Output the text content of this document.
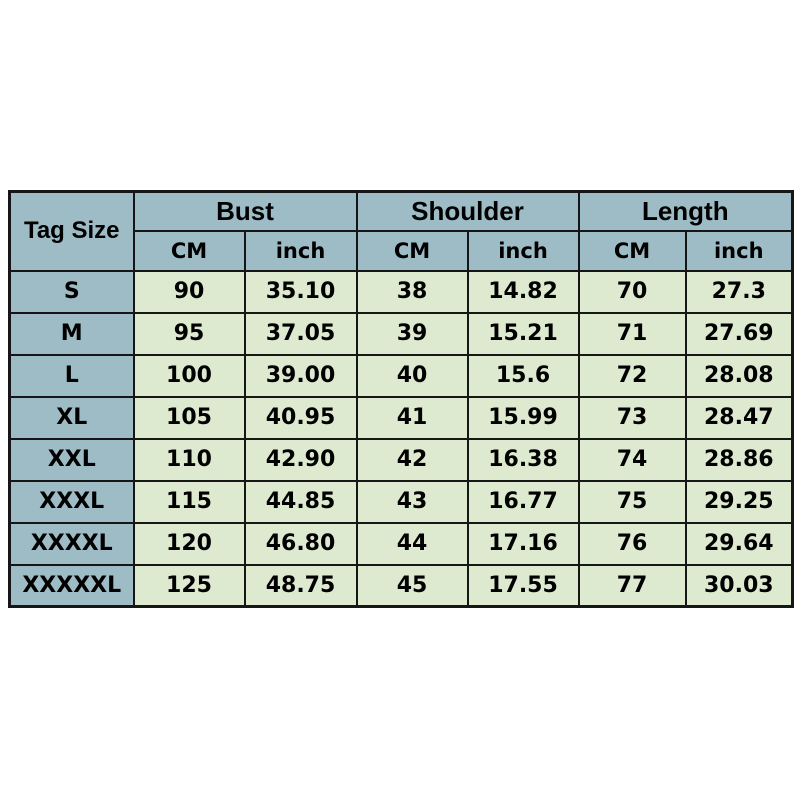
Tag Size	Bust		Shoulder		Length	
	CM	inch	CM	inch	CM	inch
S	90	35.10	38	14.82	70	27.3
M	95	37.05	39	15.21	71	27.69
L	100	39.00	40	15.6	72	28.08
XL	105	40.95	41	15.99	73	28.47
XXL	110	42.90	42	16.38	74	28.86
XXXL	115	44.85	43	16.77	75	29.25
XXXXL	120	46.80	44	17.16	76	29.64
XXXXXL	125	48.75	45	17.55	77	30.03
